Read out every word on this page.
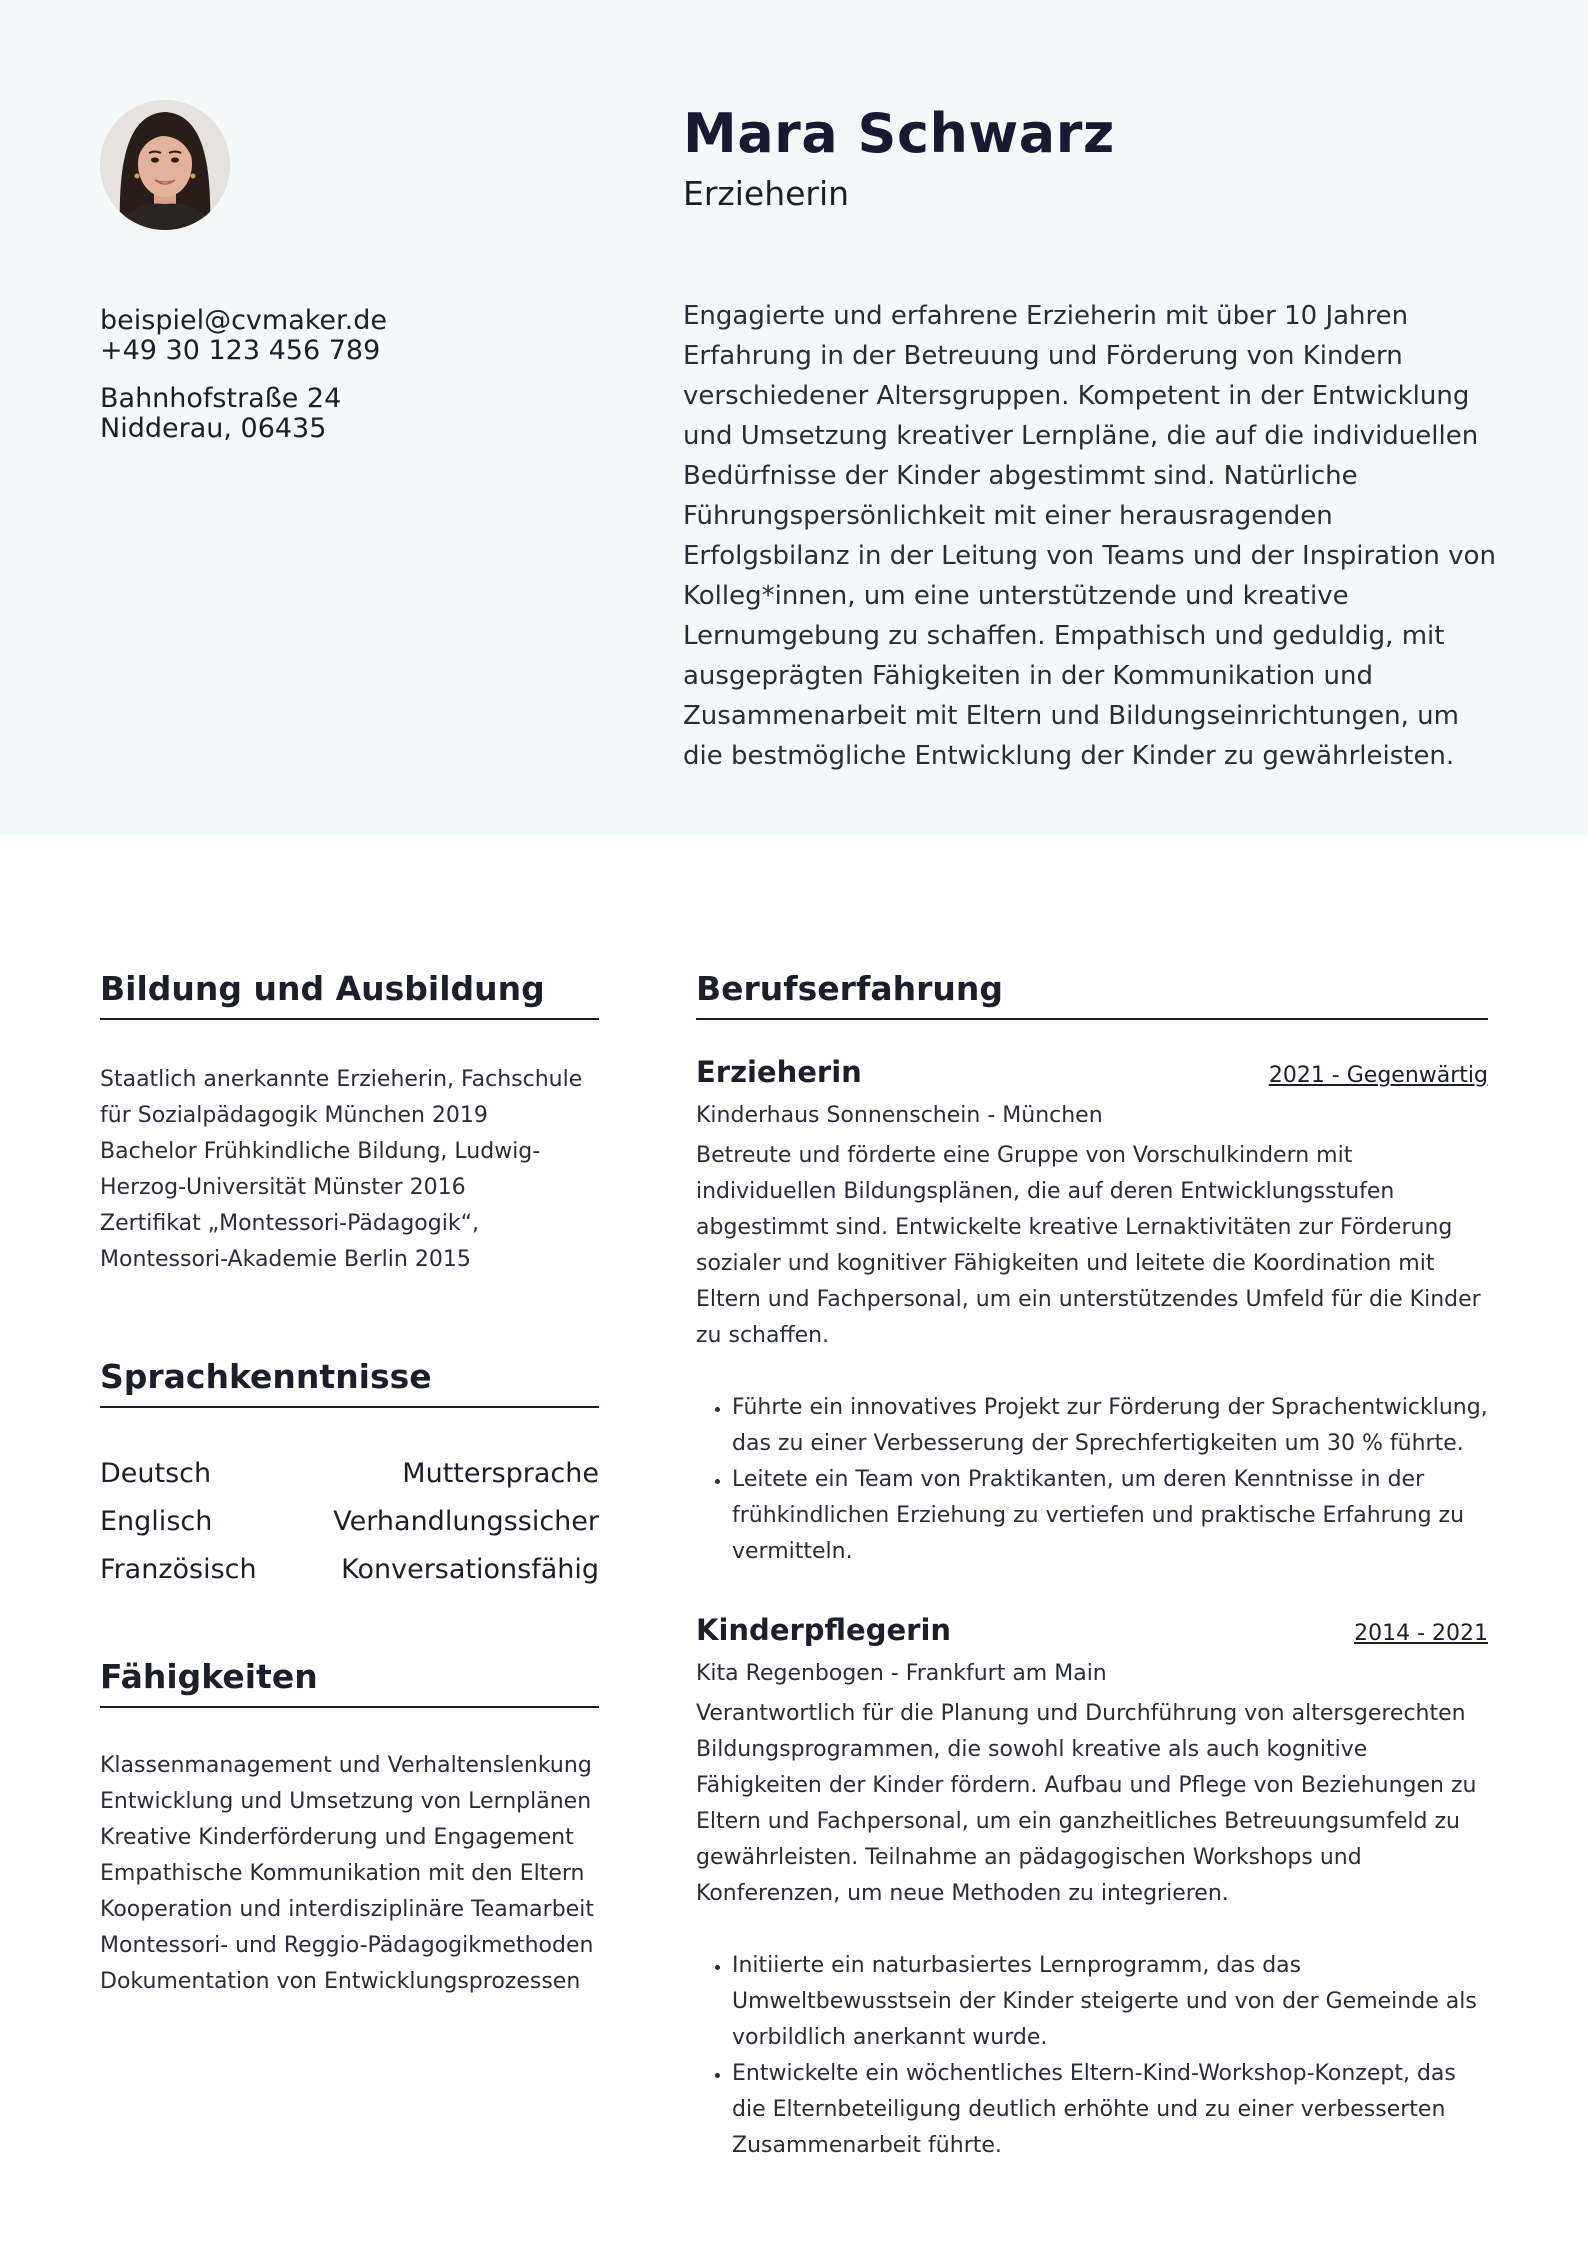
beispiel@cvmaker.de
+49 30 123 456 789
Bahnhofstraße 24
Nidderau, 06435
Mara Schwarz
Erzieherin

Engagierte und erfahrene Erzieherin mit über 10 Jahren Erfahrung in der Betreuung und Förderung von Kindern verschiedener Altersgruppen. Kompetent in der Entwicklung und Umsetzung kreativer Lernpläne, die auf die individuellen Bedürfnisse der Kinder abgestimmt sind. Natürliche Führungspersönlichkeit mit einer herausragenden Erfolgsbilanz in der Leitung von Teams und der Inspiration von Kolleg*innen, um eine unterstützende und kreative Lernumgebung zu schaffen. Empathisch und geduldig, mit ausgeprägten Fähigkeiten in der Kommunikation und Zusammenarbeit mit Eltern und Bildungseinrichtungen, um die bestmögliche Entwicklung der Kinder zu gewährleisten.

Bildung und Ausbildung
Staatlich anerkannte Erzieherin, Fachschule für Sozialpädagogik München 2019
Bachelor Frühkindliche Bildung, Ludwig-Herzog-Universität Münster 2016
Zertifikat „Montessori-Pädagogik“, Montessori-Akademie Berlin 2015
Sprachkenntnisse
Deutsch	Muttersprache
Englisch	Verhandlungssicher
Französisch	Konversationsfähig
Fähigkeiten
Klassenmanagement und Verhaltenslenkung
Entwicklung und Umsetzung von Lernplänen
Kreative Kinderförderung und Engagement
Empathische Kommunikation mit den Eltern
Kooperation und interdisziplinäre Teamarbeit
Montessori- und Reggio-Pädagogikmethoden
Dokumentation von Entwicklungsprozessen
Berufserfahrung
Erzieherin	2021 - Gegenwärtig
Kinderhaus Sonnenschein - München

Betreute und förderte eine Gruppe von Vorschulkindern mit individuellen Bildungsplänen, die auf deren Entwicklungsstufen abgestimmt sind. Entwickelte kreative Lernaktivitäten zur Förderung sozialer und kognitiver Fähigkeiten und leitete die Koordination mit Eltern und Fachpersonal, um ein unterstützendes Umfeld für die Kinder zu schaffen.

• Führte ein innovatives Projekt zur Förderung der Sprachentwicklung, das zu einer Verbesserung der Sprechfertigkeiten um 30 % führte.
• Leitete ein Team von Praktikanten, um deren Kenntnisse in der frühkindlichen Erziehung zu vertiefen und praktische Erfahrung zu vermitteln.
Kinderpflegerin	2014 - 2021
Kita Regenbogen - Frankfurt am Main

Verantwortlich für die Planung und Durchführung von altersgerechten Bildungsprogrammen, die sowohl kreative als auch kognitive Fähigkeiten der Kinder fördern. Aufbau und Pflege von Beziehungen zu Eltern und Fachpersonal, um ein ganzheitliches Betreuungsumfeld zu gewährleisten. Teilnahme an pädagogischen Workshops und Konferenzen, um neue Methoden zu integrieren.

• Initiierte ein naturbasiertes Lernprogramm, das das Umweltbewusstsein der Kinder steigerte und von der Gemeinde als vorbildlich anerkannt wurde.
• Entwickelte ein wöchentliches Eltern-Kind-Workshop-Konzept, das die Elternbeteiligung deutlich erhöhte und zu einer verbesserten Zusammenarbeit führte.
